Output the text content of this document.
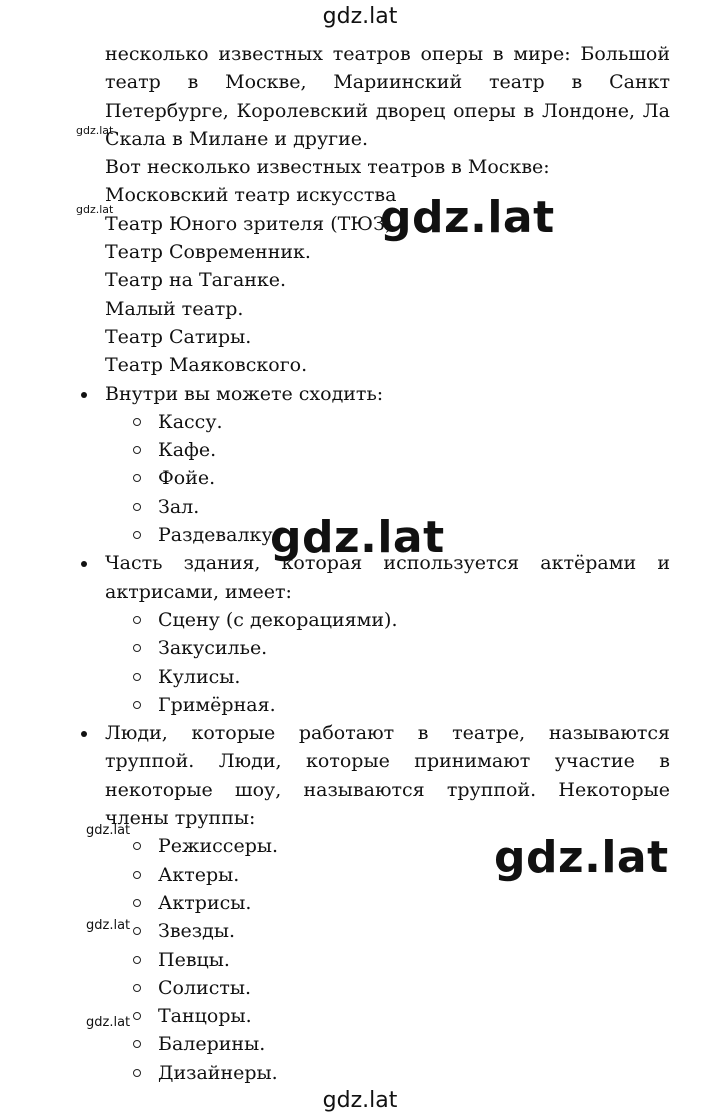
gdz.lat

несколько известных театров оперы в мире: Большой театр в Москве, Мариинский театр в Санкт Петербурге, Королевский дворец оперы в Лондоне, Ла Скала в Милане и другие.

Вот несколько известных театров в Москве:

Московский театр искусства

Театр Юного зрителя (ТЮЗ).

Театр Современник.

Театр на Таганке.

Малый театр.

Театр Сатиры.

Театр Маяковского.

Внутри вы можете сходить:
Кассу.
Кафе.
Фойе.
Зал.
Раздевалку.
Часть здания, которая используется актёрами и актрисами, имеет:
Сцену (с декорациями).
Закусилье.
Кулисы.
Гримёрная.
Люди, которые работают в театре, называются труппой. Люди, которые принимают участие в некоторые шоу, называются труппой. Некоторые члены труппы:
Режиссеры.
Актеры.
Актрисы.
Звезды.
Певцы.
Солисты.
Танцоры.
Балерины.
Дизайнеры.
gdz.lat
gdz.lat	gdz.lat
gdz.lat
gdz.lat
gdz.lat
gdz.lat
gdz.lat
gdz.lat
